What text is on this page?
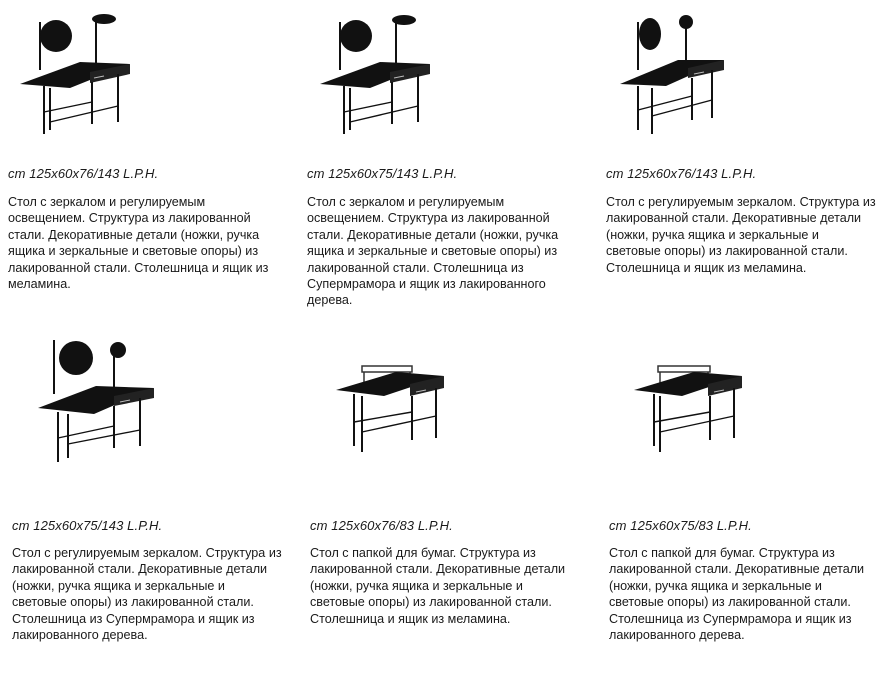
cm 125x60x76/143 L.P.H.
Стол с зеркалом и регулируемым освещением. Структура из лакированной стали. Декоративные детали (ножки, ручка ящика и зеркальные и световые опоры) из лакированной стали. Столешница и ящик из меламина.
cm 125x60x75/143 L.P.H.
Стол с зеркалом и регулируемым освещением. Структура из лакированной стали. Декоративные детали (ножки, ручка ящика и зеркальные и световые опоры) из лакированной стали. Столешница из Супермрамора и ящик из лакированного дерева.
cm 125x60x76/143 L.P.H.
Стол с регулируемым зеркалом. Структура из лакированной стали. Декоративные детали (ножки, ручка ящика и зеркальные и световые опоры) из лакированной стали. Столешница и ящик из меламина.
cm 125x60x75/143 L.P.H.
Стол с регулируемым зеркалом. Структура из лакированной стали. Декоративные детали (ножки, ручка ящика и зеркальные и световые опоры) из лакированной стали. Столешница из Супермрамора и ящик из лакированного дерева.
cm 125x60x76/83 L.P.H.
Стол с папкой для бумаг. Структура из лакированной стали. Декоративные детали (ножки, ручка ящика и зеркальные и световые опоры) из лакированной стали. Столешница и ящик из меламина.
cm 125x60x75/83 L.P.H.
Стол с папкой для бумаг. Структура из лакированной стали. Декоративные детали (ножки, ручка ящика и зеркальные и световые опоры) из лакированной стали. Столешница из Супермрамора и ящик из лакированного дерева.
